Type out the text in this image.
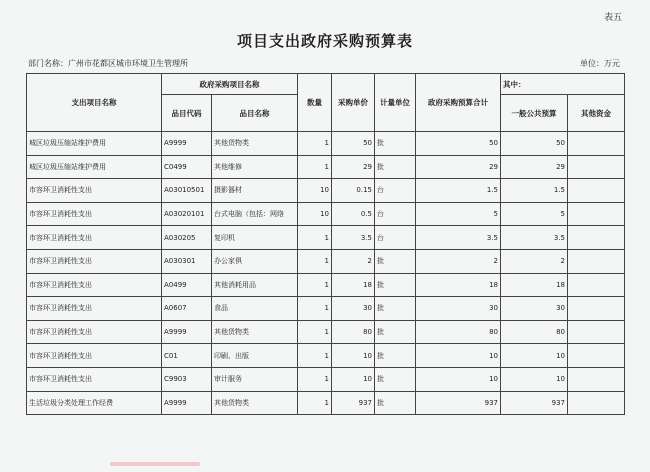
表五
项目支出政府采购预算表
部门名称：广州市花都区城市环境卫生管理所	单位：万元
支出项目名称	政府采购项目名称		数量	采购单价	计量单位	政府采购预算合计	其中：	
	品目代码	品目名称					一般公共预算	其他资金
城区垃圾压缩站维护费用	A9999	其他货物类	1	50	批	50	50	
城区垃圾压缩站维护费用	C0499	其他维修	1	29	批	29	29	
市容环卫消耗性支出	A03010501	摄影器材	10	0.15	台	1.5	1.5	
市容环卫消耗性支出	A03020101	台式电脑（包括：网络	10	0.5	台	5	5	
市容环卫消耗性支出	A030205	复印机	1	3.5	台	3.5	3.5	
市容环卫消耗性支出	A030301	办公家俱	1	2	批	2	2	
市容环卫消耗性支出	A0499	其他消耗用品	1	18	批	18	18	
市容环卫消耗性支出	A0607	食品	1	30	批	30	30	
市容环卫消耗性支出	A9999	其他货物类	1	80	批	80	80	
市容环卫消耗性支出	C01	印刷、出版	1	10	批	10	10	
市容环卫消耗性支出	C9903	审计服务	1	10	批	10	10	
生活垃圾分类处理工作经费	A9999	其他货物类	1	937	批	937	937	
